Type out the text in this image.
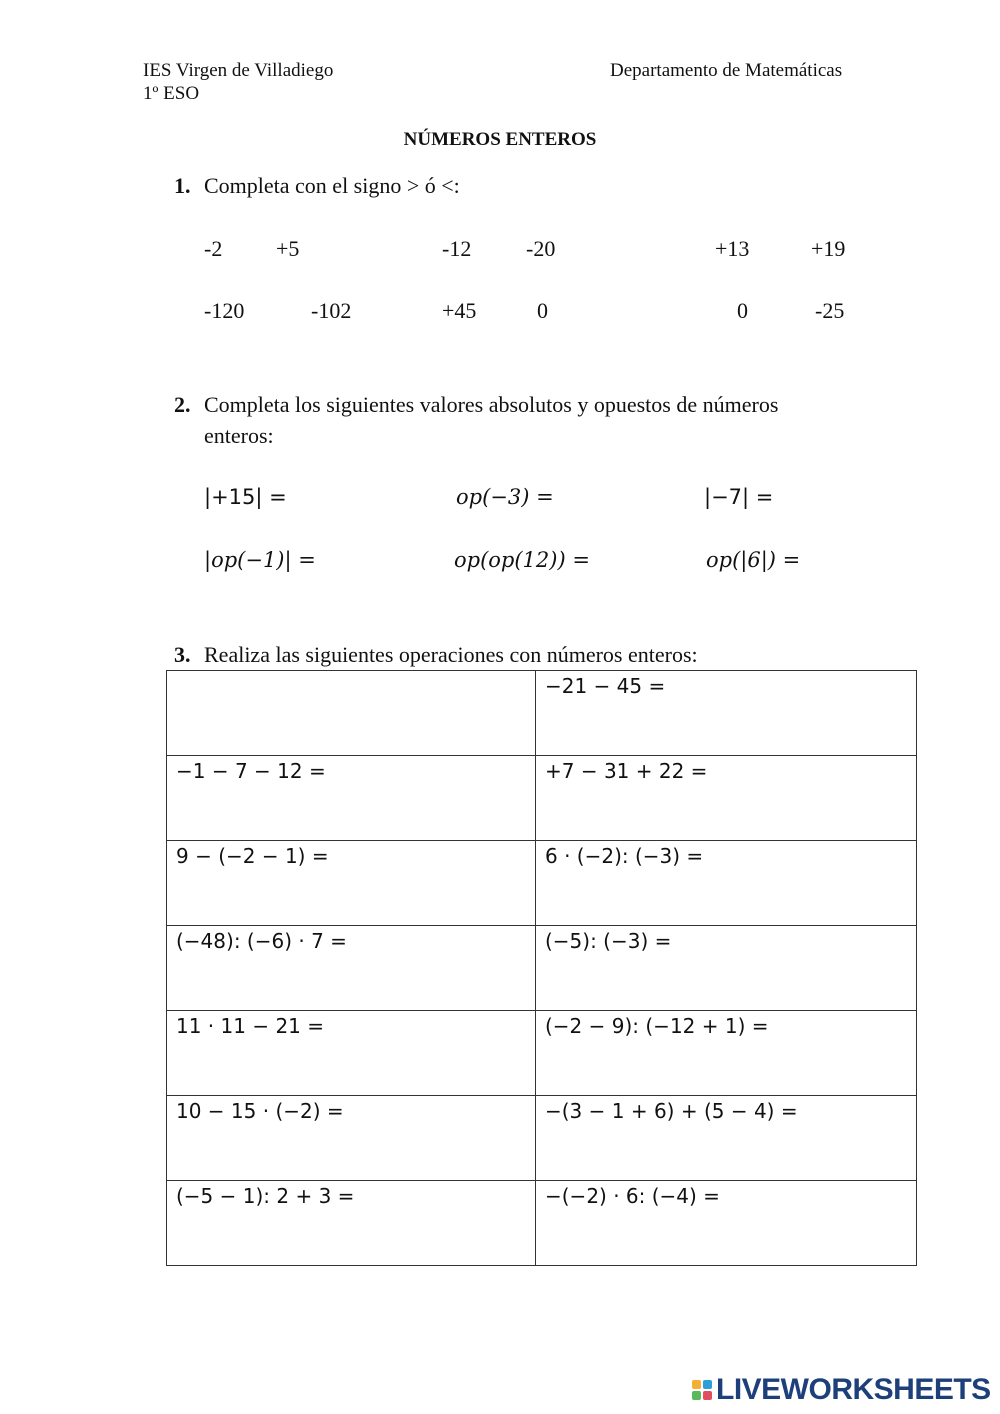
IES Virgen de Villadiego
1º ESO
Departamento de Matemáticas
NÚMEROS ENTEROS
1. Completa con el signo > ó <:
-2 +5	-12 -20	+13	+19
-120	-102	+45	0	0	-25
2. Completa los siguientes valores absolutos y opuestos de números
enteros:
|+15| =	op(−3) =	|−7| =
|op(−1)| =	op(op(12)) =	op(|6|) =
3. Realiza las siguientes operaciones con números enteros:
	−21 − 45 =
−1 − 7 − 12 =	+7 − 31 + 22 =
9 − (−2 − 1) =	6 · (−2): (−3) =
(−48): (−6) · 7 =	(−5): (−3) =
11 · 11 − 21 =	(−2 − 9): (−12 + 1) =
10 − 15 · (−2) =	−(3 − 1 + 6) + (5 − 4) =
(−5 − 1): 2 + 3 =	−(−2) · 6: (−4) =
LIVEWORKSHEETS
